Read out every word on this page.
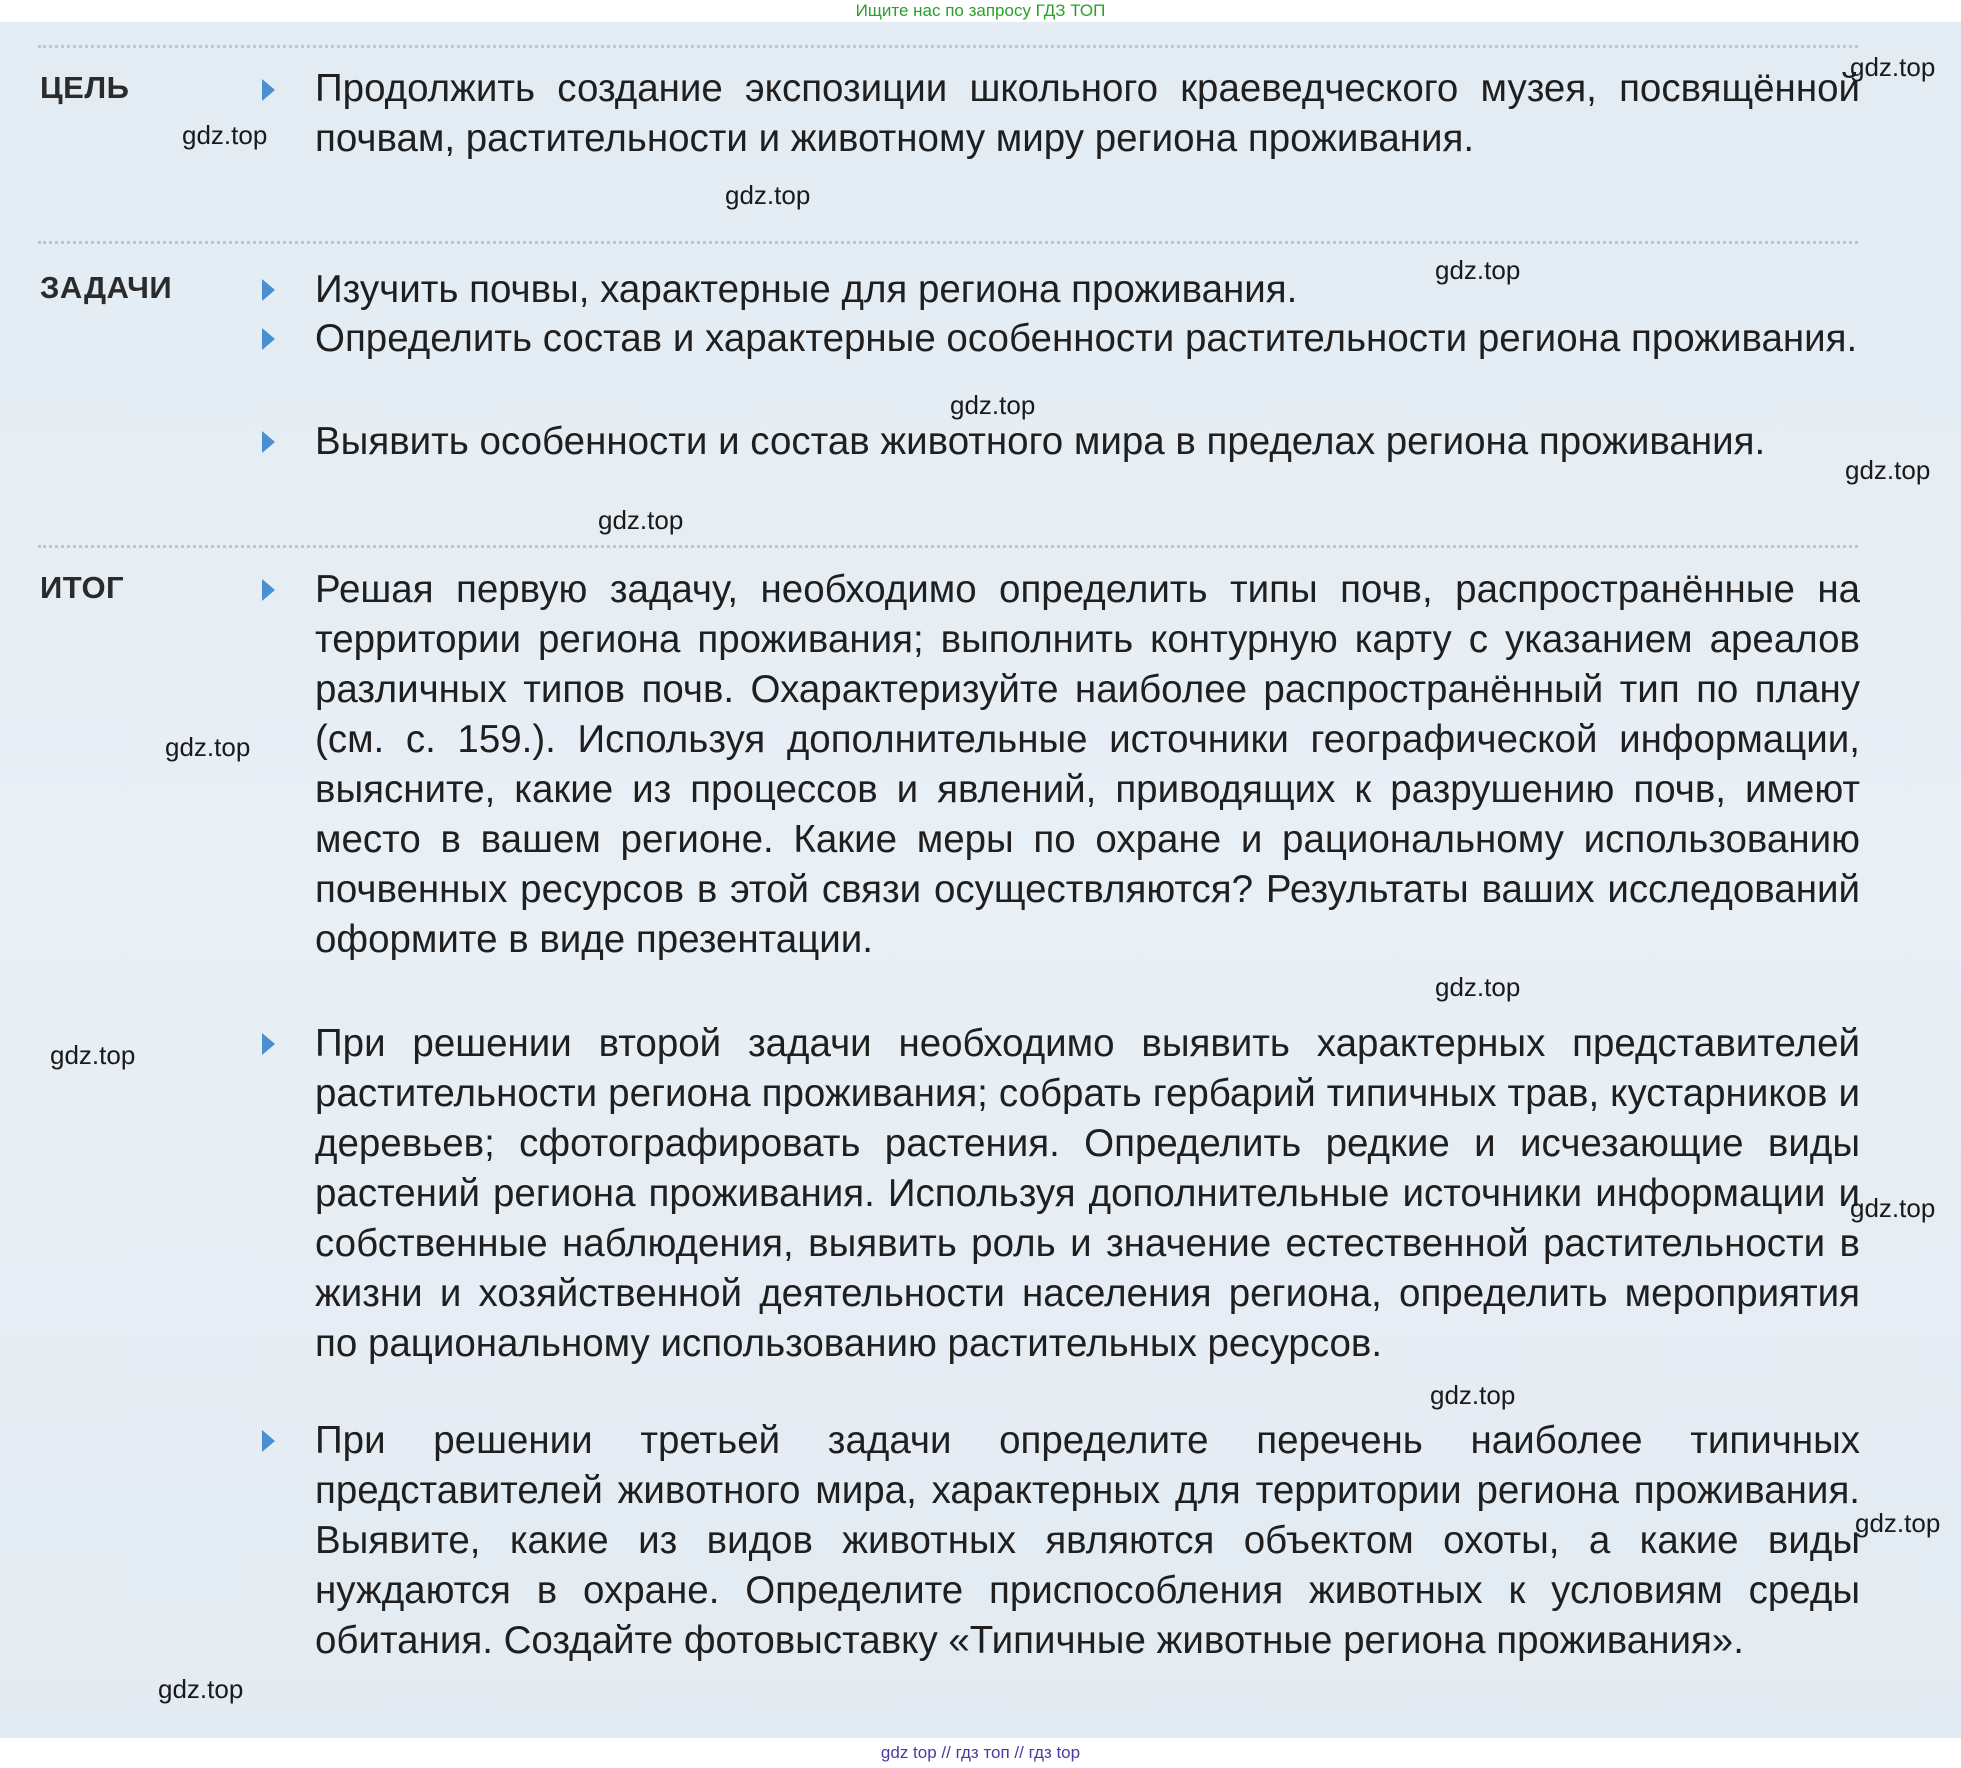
Ищите нас по запросу ГДЗ ТОП
ЦЕЛЬ	Продолжить создание экспозиции школьного краеведческого музея, посвящённой почвам, растительности и животному миру региона проживания.

ЗАДАЧИ	Изучить почвы, характерные для региона проживания.

Определить состав и характерные особенности растительности региона проживания.

Выявить особенности и состав животного мира в пределах региона проживания.

ИТОГ	Решая первую задачу, необходимо определить типы почв, распространённые на территории региона проживания; выполнить контурную карту с указанием ареалов различных типов почв. Охарактеризуйте наиболее распространённый тип по плану (см. с. 159.). Используя дополнительные источники географической информации, выясните, какие из процессов и явлений, приводящих к разрушению почв, имеют место в вашем регионе. Какие меры по охране и рациональному использованию почвенных ресурсов в этой связи осуществляются? Результаты ваших исследований оформите в виде презентации.

При решении второй задачи необходимо выявить характерных представителей растительности региона проживания; собрать гербарий типичных трав, кустарников и деревьев; сфотографировать растения. Определить редкие и исчезающие виды растений региона проживания. Используя дополнительные источники информации и собственные наблюдения, выявить роль и значение естественной растительности в жизни и хозяйственной деятельности населения региона, определить мероприятия по рациональному использованию растительных ресурсов.

При решении третьей задачи определите перечень наиболее типичных представителей животного мира, характерных для территории региона проживания. Выявите, какие из видов животных являются объектом охоты, а какие виды нуждаются в охране. Определите приспособления животных к условиям среды обитания. Создайте фотовыставку «Типичные животные региона проживания».

gdz.top
gdz.top
gdz.top
gdz.top
gdz.top
gdz.top
gdz.top
gdz.top
gdz.top
gdz.top
gdz.top
gdz.top
gdz.top
gdz.top
gdz top // гдз топ // гдз top
